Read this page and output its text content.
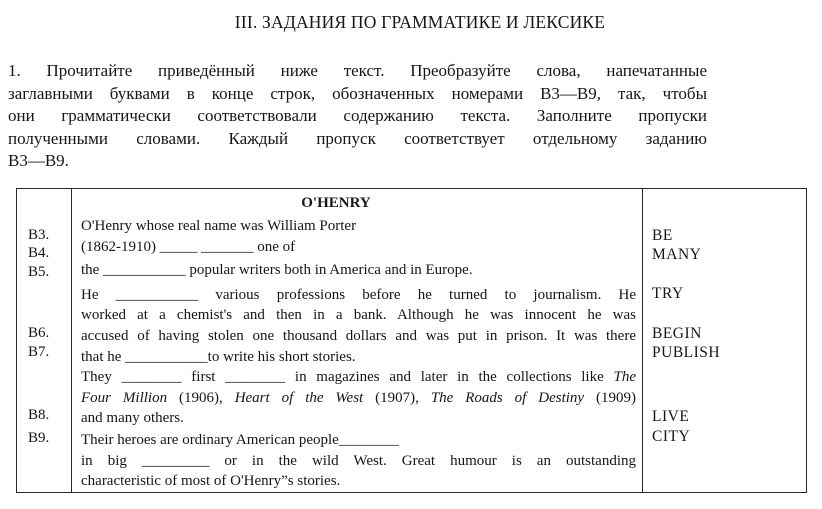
III. ЗАДАНИЯ ПО ГРАММАТИКЕ И ЛЕКСИКЕ
1. Прочитайте приведённый ниже текст. Преобразуйте слова, напечатанные
заглавными буквами в конце строк, обозначенных номерами В3—В9, так, чтобы
они грамматически соответствовали содержанию текста. Заполните пропуски
полученными словами. Каждый пропуск соответствует отдельному заданию
В3—В9.
B3.
B4.
B5.
B6.
B7.
B8.
B9.
O'HENRY
O'Henry whose real name was William Porter
(1862-1910) _____ _______ one of
the ___________ popular writers both in America and in Europe.
He ___________ various professions before he turned to journalism. He
worked at a chemist's and then in a bank. Although he was innocent he was
accused of having stolen one thousand dollars and was put in prison. It was there
that he ___________to write his short stories.
They ________ first ________ in magazines and later in the collections like The
Four Million (1906), Heart of the West (1907), The Roads of Destiny (1909)
and many others.
Their heroes are ordinary American people________
in big _________ or in the wild West. Great humour is an outstanding
characteristic of most of O'Henry”s stories.
BE
MANY
TRY
BEGIN
PUBLISH
LIVE
CITY
